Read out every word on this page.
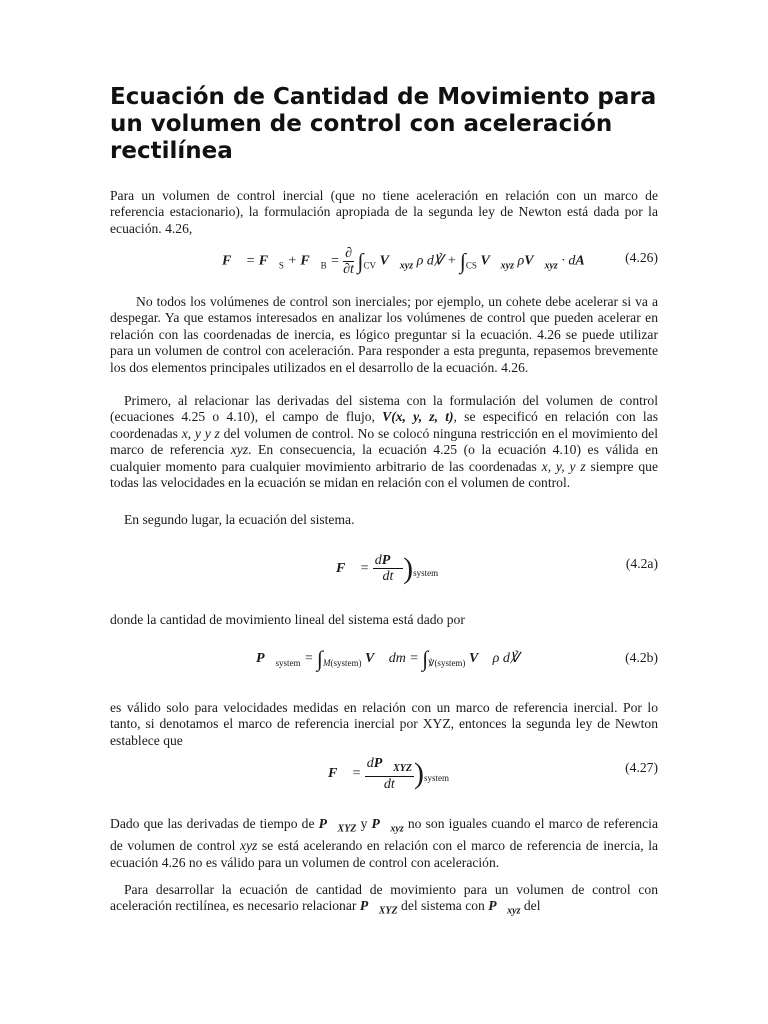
Ecuación de Cantidad de Movimiento para un volumen de control con aceleración rectilínea

Para un volumen de control inercial (que no tiene aceleración en relación con un marco de referencia estacionario), la formulación apropiada de la segunda ley de Newton está dada por la ecuación. 4.26,

F⃗ = $F⃗_S$ + $F⃗_B = \frac{\partial}{\partial t} \int_{CV}$ $V⃗_{xyz}$ ρ d℣ + $\int_{CS}$ $V⃗_{xyz}$ $\rho V⃗_{xyz}$ · dA⃗ (4.26)

No todos los volúmenes de control son inerciales; por ejemplo, un cohete debe acelerar si va a despegar. Ya que estamos interesados en analizar los volúmenes de control que pueden acelerar en relación con las coordenadas de inercia, es lógico preguntar si la ecuación. 4.26 se puede utilizar para un volumen de control con aceleración. Para responder a esta pregunta, repasemos brevemente los dos elementos principales utilizados en el desarrollo de la ecuación. 4.26.

Primero, al relacionar las derivadas del sistema con la formulación del volumen de control (ecuaciones 4.25 o 4.10), el campo de flujo, V(x, y, z, t), se especificó en relación con las coordenadas x, y y z del volumen de control. No se colocó ninguna restricción en el movimiento del marco de referencia xyz. En consecuencia, la ecuación 4.25 (o la ecuación 4.10) es válida en cualquier momento para cualquier movimiento arbitrario de las coordenadas x, y, y z siempre que todas las velocidades en la ecuación se midan en relación con el volumen de control.

En segundo lugar, la ecuación del sistema.

F⃗ = $\frac{dP⃗}{dt} )_{system}$
(4.2a)

donde la cantidad de movimiento lineal del sistema está dado por

$P⃗_{system} = \int_{M(system)}$ V⃗ dm = $\int_{℣(system)}$ V⃗ ρ d℣	(4.2b)

es válido solo para velocidades medidas en relación con un marco de referencia inercial. Por lo tanto, si denotamos el marco de referencia inercial por XYZ, entonces la segunda ley de Newton establece que

F⃗ = $\frac{dP⃗_{XYZ}}{dt} )_{system}$
(4.27)

Dado que las derivadas de tiempo de $P_{XYZ}$ y $P_{xyz}$ no son iguales cuando el marco de referencia de volumen de control xyz se está acelerando en relación con el marco de referencia de inercia, la ecuación 4.26 no es válido para un volumen de control con aceleración.

Para desarrollar la ecuación de cantidad de movimiento para un volumen de control con aceleración rectilínea, es necesario relacionar $P_{XYZ}$ del sistema con $P_{xyz}$ del
